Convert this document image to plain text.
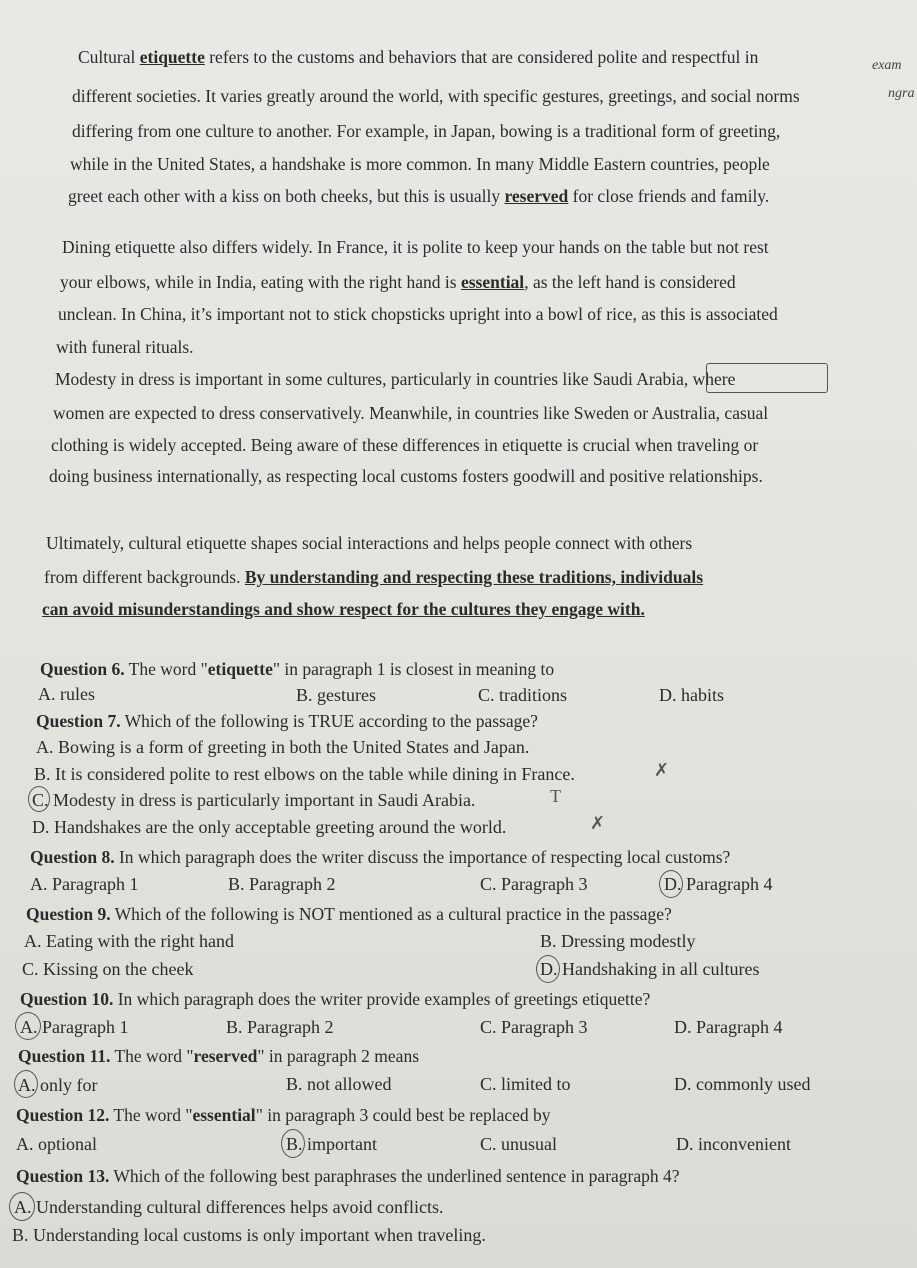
exam
ngra
Cultural etiquette refers to the customs and behaviors that are considered polite and respectful in
different societies. It varies greatly around the world, with specific gestures, greetings, and social norms
differing from one culture to another. For example, in Japan, bowing is a traditional form of greeting,
while in the United States, a handshake is more common. In many Middle Eastern countries, people
greet each other with a kiss on both cheeks, but this is usually reserved for close friends and family.
Dining etiquette also differs widely. In France, it is polite to keep your hands on the table but not rest
your elbows, while in India, eating with the right hand is essential, as the left hand is considered
unclean. In China, it’s important not to stick chopsticks upright into a bowl of rice, as this is associated
with funeral rituals.
Modesty in dress is important in some cultures, particularly in countries like Saudi Arabia, where
women are expected to dress conservatively. Meanwhile, in countries like Sweden or Australia, casual
clothing is widely accepted. Being aware of these differences in etiquette is crucial when traveling or
doing business internationally, as respecting local customs fosters goodwill and positive relationships.
Ultimately, cultural etiquette shapes social interactions and helps people connect with others
from different backgrounds. By understanding and respecting these traditions, individuals
can avoid misunderstandings and show respect for the cultures they engage with.
Question 6. The word "etiquette" in paragraph 1 is closest in meaning to
A. rules	B. gestures	C. traditions	D. habits
Question 7. Which of the following is TRUE according to the passage?
A. Bowing is a form of greeting in both the United States and Japan.
B. It is considered polite to rest elbows on the table while dining in France.	✗
C. Modesty in dress is particularly important in Saudi Arabia.	T
D. Handshakes are the only acceptable greeting around the world.	✗
Question 8. In which paragraph does the writer discuss the importance of respecting local customs?
A. Paragraph 1	B. Paragraph 2	C. Paragraph 3	D. Paragraph 4
Question 9. Which of the following is NOT mentioned as a cultural practice in the passage?
A. Eating with the right hand	B. Dressing modestly
C. Kissing on the cheek	D. Handshaking in all cultures
Question 10. In which paragraph does the writer provide examples of greetings etiquette?
A. Paragraph 1	B. Paragraph 2	C. Paragraph 3	D. Paragraph 4
Question 11. The word "reserved" in paragraph 2 means
A. only for	B. not allowed	C. limited to	D. commonly used
Question 12. The word "essential" in paragraph 3 could best be replaced by
A. optional	B. important	C. unusual	D. inconvenient
Question 13. Which of the following best paraphrases the underlined sentence in paragraph 4?
A. Understanding cultural differences helps avoid conflicts.
B. Understanding local customs is only important when traveling.
